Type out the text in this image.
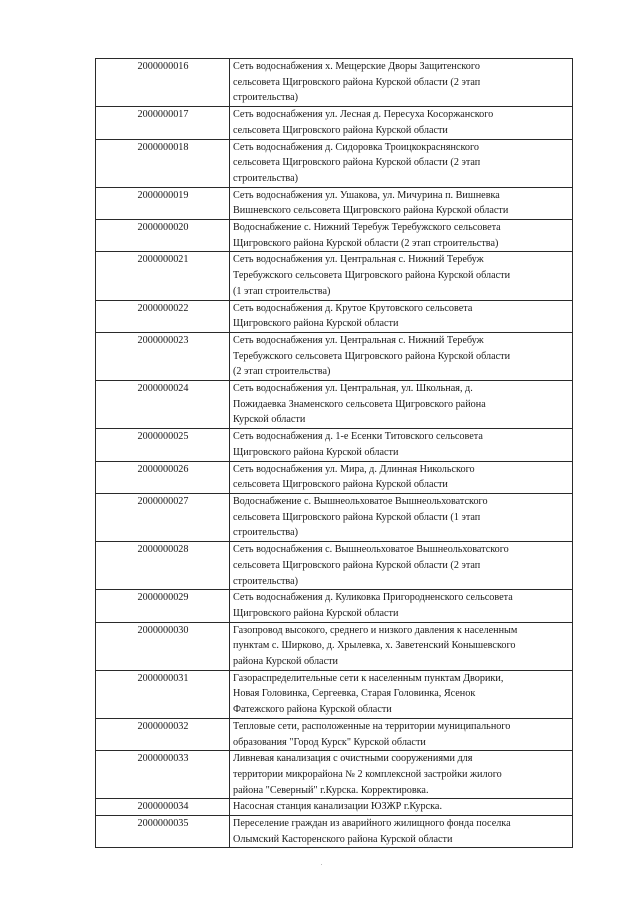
2000000016	Сеть водоснабжения х. Мещерские Дворы Защитенского
сельсовета Щигровского района Курской области (2 этап
строительства)

2000000017	Сеть водоснабжения ул. Лесная д. Пересуха Косоржанского
сельсовета Щигровского района Курской области

2000000018	Сеть водоснабжения д. Сидоровка Троицкокраснянского
сельсовета Щигровского района Курской области (2 этап
строительства)

2000000019	Сеть водоснабжения ул. Ушакова, ул. Мичурина п. Вишневка
Вишневского сельсовета Щигровского района Курской области

2000000020	Водоснабжение с. Нижний Теребуж Теребужского сельсовета
Щигровского района Курской области (2 этап строительства)

2000000021	Сеть водоснабжения ул. Центральная с. Нижний Теребуж
Теребужского сельсовета Щигровского района Курской области
(1 этап строительства)

2000000022	Сеть водоснабжения д. Крутое Крутовского сельсовета
Щигровского района Курской области

2000000023	Сеть водоснабжения ул. Центральная с. Нижний Теребуж
Теребужского сельсовета Щигровского района Курской области
(2 этап строительства)

2000000024	Сеть водоснабжения ул. Центральная, ул. Школьная, д.
Пожидаевка Знаменского сельсовета Щигровского района
Курской области

2000000025	Сеть водоснабжения д. 1-е Есенки Титовского сельсовета
Щигровского района Курской области

2000000026	Сеть водоснабжения ул. Мира, д. Длинная Никольского
сельсовета Щигровского района Курской области

2000000027	Водоснабжение с. Вышнеольховатое Вышнеольховатского
сельсовета Щигровского района Курской области (1 этап
строительства)

2000000028	Сеть водоснабжения с. Вышнеольховатое Вышнеольховатского
сельсовета Щигровского района Курской области (2 этап
строительства)

2000000029	Сеть водоснабжения д. Куликовка Пригородненского сельсовета
Щигровского района Курской области

2000000030	Газопровод высокого, среднего и низкого давления к населенным
пунктам с. Ширково, д. Хрылевка, х. Заветенский Конышевского
района Курской области

2000000031	Газораспределительные сети к населенным пунктам Дворики,
Новая Головинка, Сергеевка, Старая Головинка, Ясенок
Фатежского района Курской области

2000000032	Тепловые сети, расположенные на территории муниципального
образования "Город Курск" Курской области

2000000033	Ливневая канализация с очистными сооружениями для
территории микрорайона № 2 комплексной застройки жилого
района "Северный" г.Курска. Корректировка.

2000000034	Насосная станция канализации ЮЗЖР г.Курска.

2000000035	Переселение граждан из аварийного жилищного фонда поселка
Олымский Касторенского района Курской области
